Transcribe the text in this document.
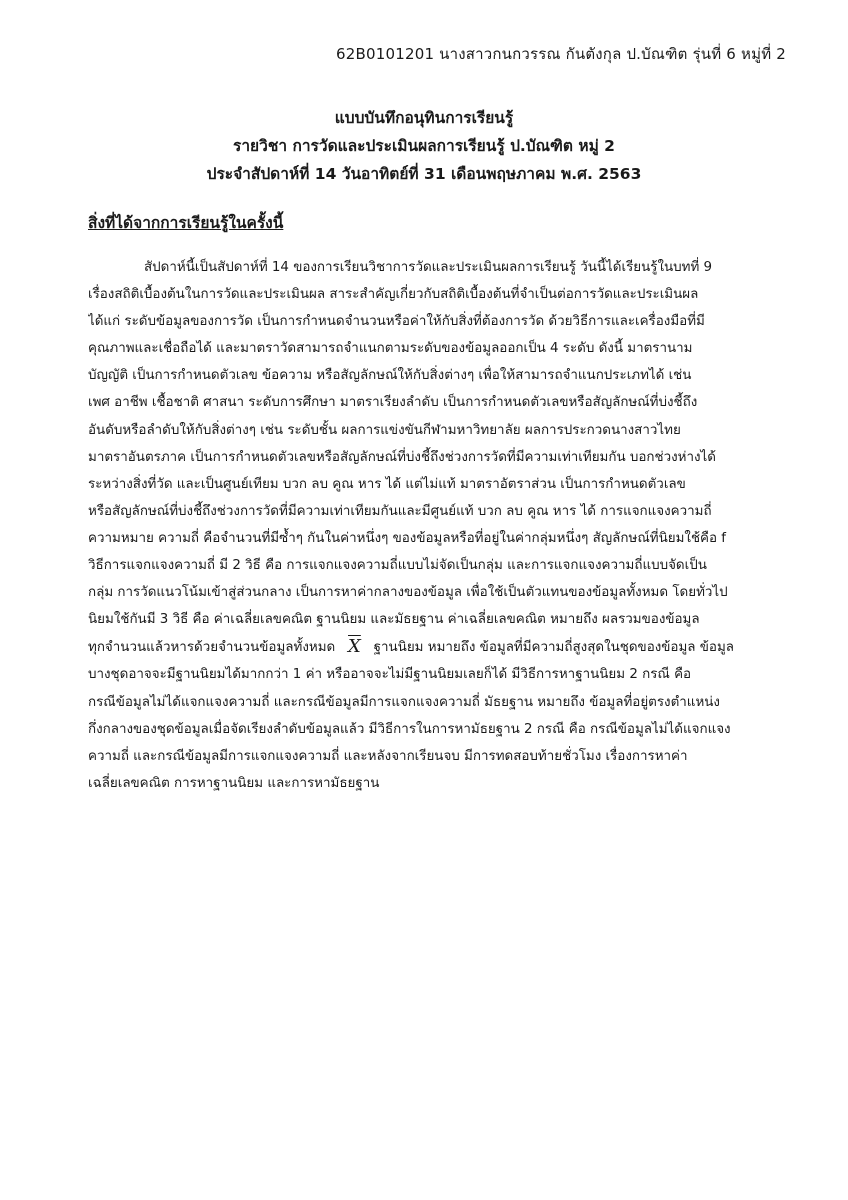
62B0101201 นางสาวกนกวรรณ กันตังกุล ป.บัณฑิต รุ่นที่ 6 หมู่ที่ 2
แบบบันทึกอนุทินการเรียนรู้
รายวิชา การวัดและประเมินผลการเรียนรู้ ป.บัณฑิต หมู่ 2
ประจำสัปดาห์ที่ 14 วันอาทิตย์ที่ 31 เดือนพฤษภาคม พ.ศ. 2563
สิ่งที่ได้จากการเรียนรู้ในครั้งนี้
สัปดาห์นี้เป็นสัปดาห์ที่ 14 ของการเรียนวิชาการวัดและประเมินผลการเรียนรู้ วันนี้ได้เรียนรู้ในบทที่ 9
เรื่องสถิติเบื้องต้นในการวัดและประเมินผล สาระสำคัญเกี่ยวกับสถิติเบื้องต้นที่จำเป็นต่อการวัดและประเมินผล
ได้แก่ ระดับข้อมูลของการวัด เป็นการกำหนดจำนวนหรือค่าให้กับสิ่งที่ต้องการวัด ด้วยวิธีการและเครื่องมือที่มี
คุณภาพและเชื่อถือได้ และมาตราวัดสามารถจำแนกตามระดับของข้อมูลออกเป็น 4 ระดับ ดังนี้ มาตรานาม
บัญญัติ เป็นการกำหนดตัวเลข ข้อความ หรือสัญลักษณ์ให้กับสิ่งต่างๆ เพื่อให้สามารถจำแนกประเภทได้ เช่น
เพศ อาชีพ เชื้อชาติ ศาสนา ระดับการศึกษา มาตราเรียงลำดับ เป็นการกำหนดตัวเลขหรือสัญลักษณ์ที่บ่งชี้ถึง
อันดับหรือลำดับให้กับสิ่งต่างๆ เช่น ระดับชั้น ผลการแข่งขันกีฬามหาวิทยาลัย ผลการประกวดนางสาวไทย
มาตราอันตรภาค เป็นการกำหนดตัวเลขหรือสัญลักษณ์ที่บ่งชี้ถึงช่วงการวัดที่มีความเท่าเทียมกัน บอกช่วงห่างได้
ระหว่างสิ่งที่วัด และเป็นศูนย์เทียม บวก ลบ คูณ หาร ได้ แต่ไม่แท้ มาตราอัตราส่วน เป็นการกำหนดตัวเลข
หรือสัญลักษณ์ที่บ่งชี้ถึงช่วงการวัดที่มีความเท่าเทียมกันและมีศูนย์แท้ บวก ลบ คูณ หาร ได้ การแจกแจงความถี่
ความหมาย ความถี่ คือจำนวนที่มีซ้ำๆ กันในค่าหนึ่งๆ ของข้อมูลหรือที่อยู่ในค่ากลุ่มหนึ่งๆ สัญลักษณ์ที่นิยมใช้คือ f
วิธีการแจกแจงความถี่ มี 2 วิธี คือ การแจกแจงความถี่แบบไม่จัดเป็นกลุ่ม และการแจกแจงความถี่แบบจัดเป็น
กลุ่ม การวัดแนวโน้มเข้าสู่ส่วนกลาง เป็นการหาค่ากลางของข้อมูล เพื่อใช้เป็นตัวแทนของข้อมูลทั้งหมด โดยทั่วไป
นิยมใช้กันมี 3 วิธี คือ ค่าเฉลี่ยเลขคณิต ฐานนิยม และมัธยฐาน ค่าเฉลี่ยเลขคณิต หมายถึง ผลรวมของข้อมูล
ทุกจำนวนแล้วหารด้วยจำนวนข้อมูลทั้งหมด $\overline{X}$ ฐานนิยม หมายถึง ข้อมูลที่มีความถี่สูงสุดในชุดของข้อมูล ข้อมูล
บางชุดอาจจะมีฐานนิยมได้มากกว่า 1 ค่า หรืออาจจะไม่มีฐานนิยมเลยก็ได้ มีวิธีการหาฐานนิยม 2 กรณี คือ
กรณีข้อมูลไม่ได้แจกแจงความถี่ และกรณีข้อมูลมีการแจกแจงความถี่ มัธยฐาน หมายถึง ข้อมูลที่อยู่ตรงตำแหน่ง
กึ่งกลางของชุดข้อมูลเมื่อจัดเรียงลำดับข้อมูลแล้ว มีวิธีการในการหามัธยฐาน 2 กรณี คือ กรณีข้อมูลไม่ได้แจกแจง
ความถี่ และกรณีข้อมูลมีการแจกแจงความถี่ และหลังจากเรียนจบ มีการทดสอบท้ายชั่วโมง เรื่องการหาค่า
เฉลี่ยเลขคณิต การหาฐานนิยม และการหามัธยฐาน
